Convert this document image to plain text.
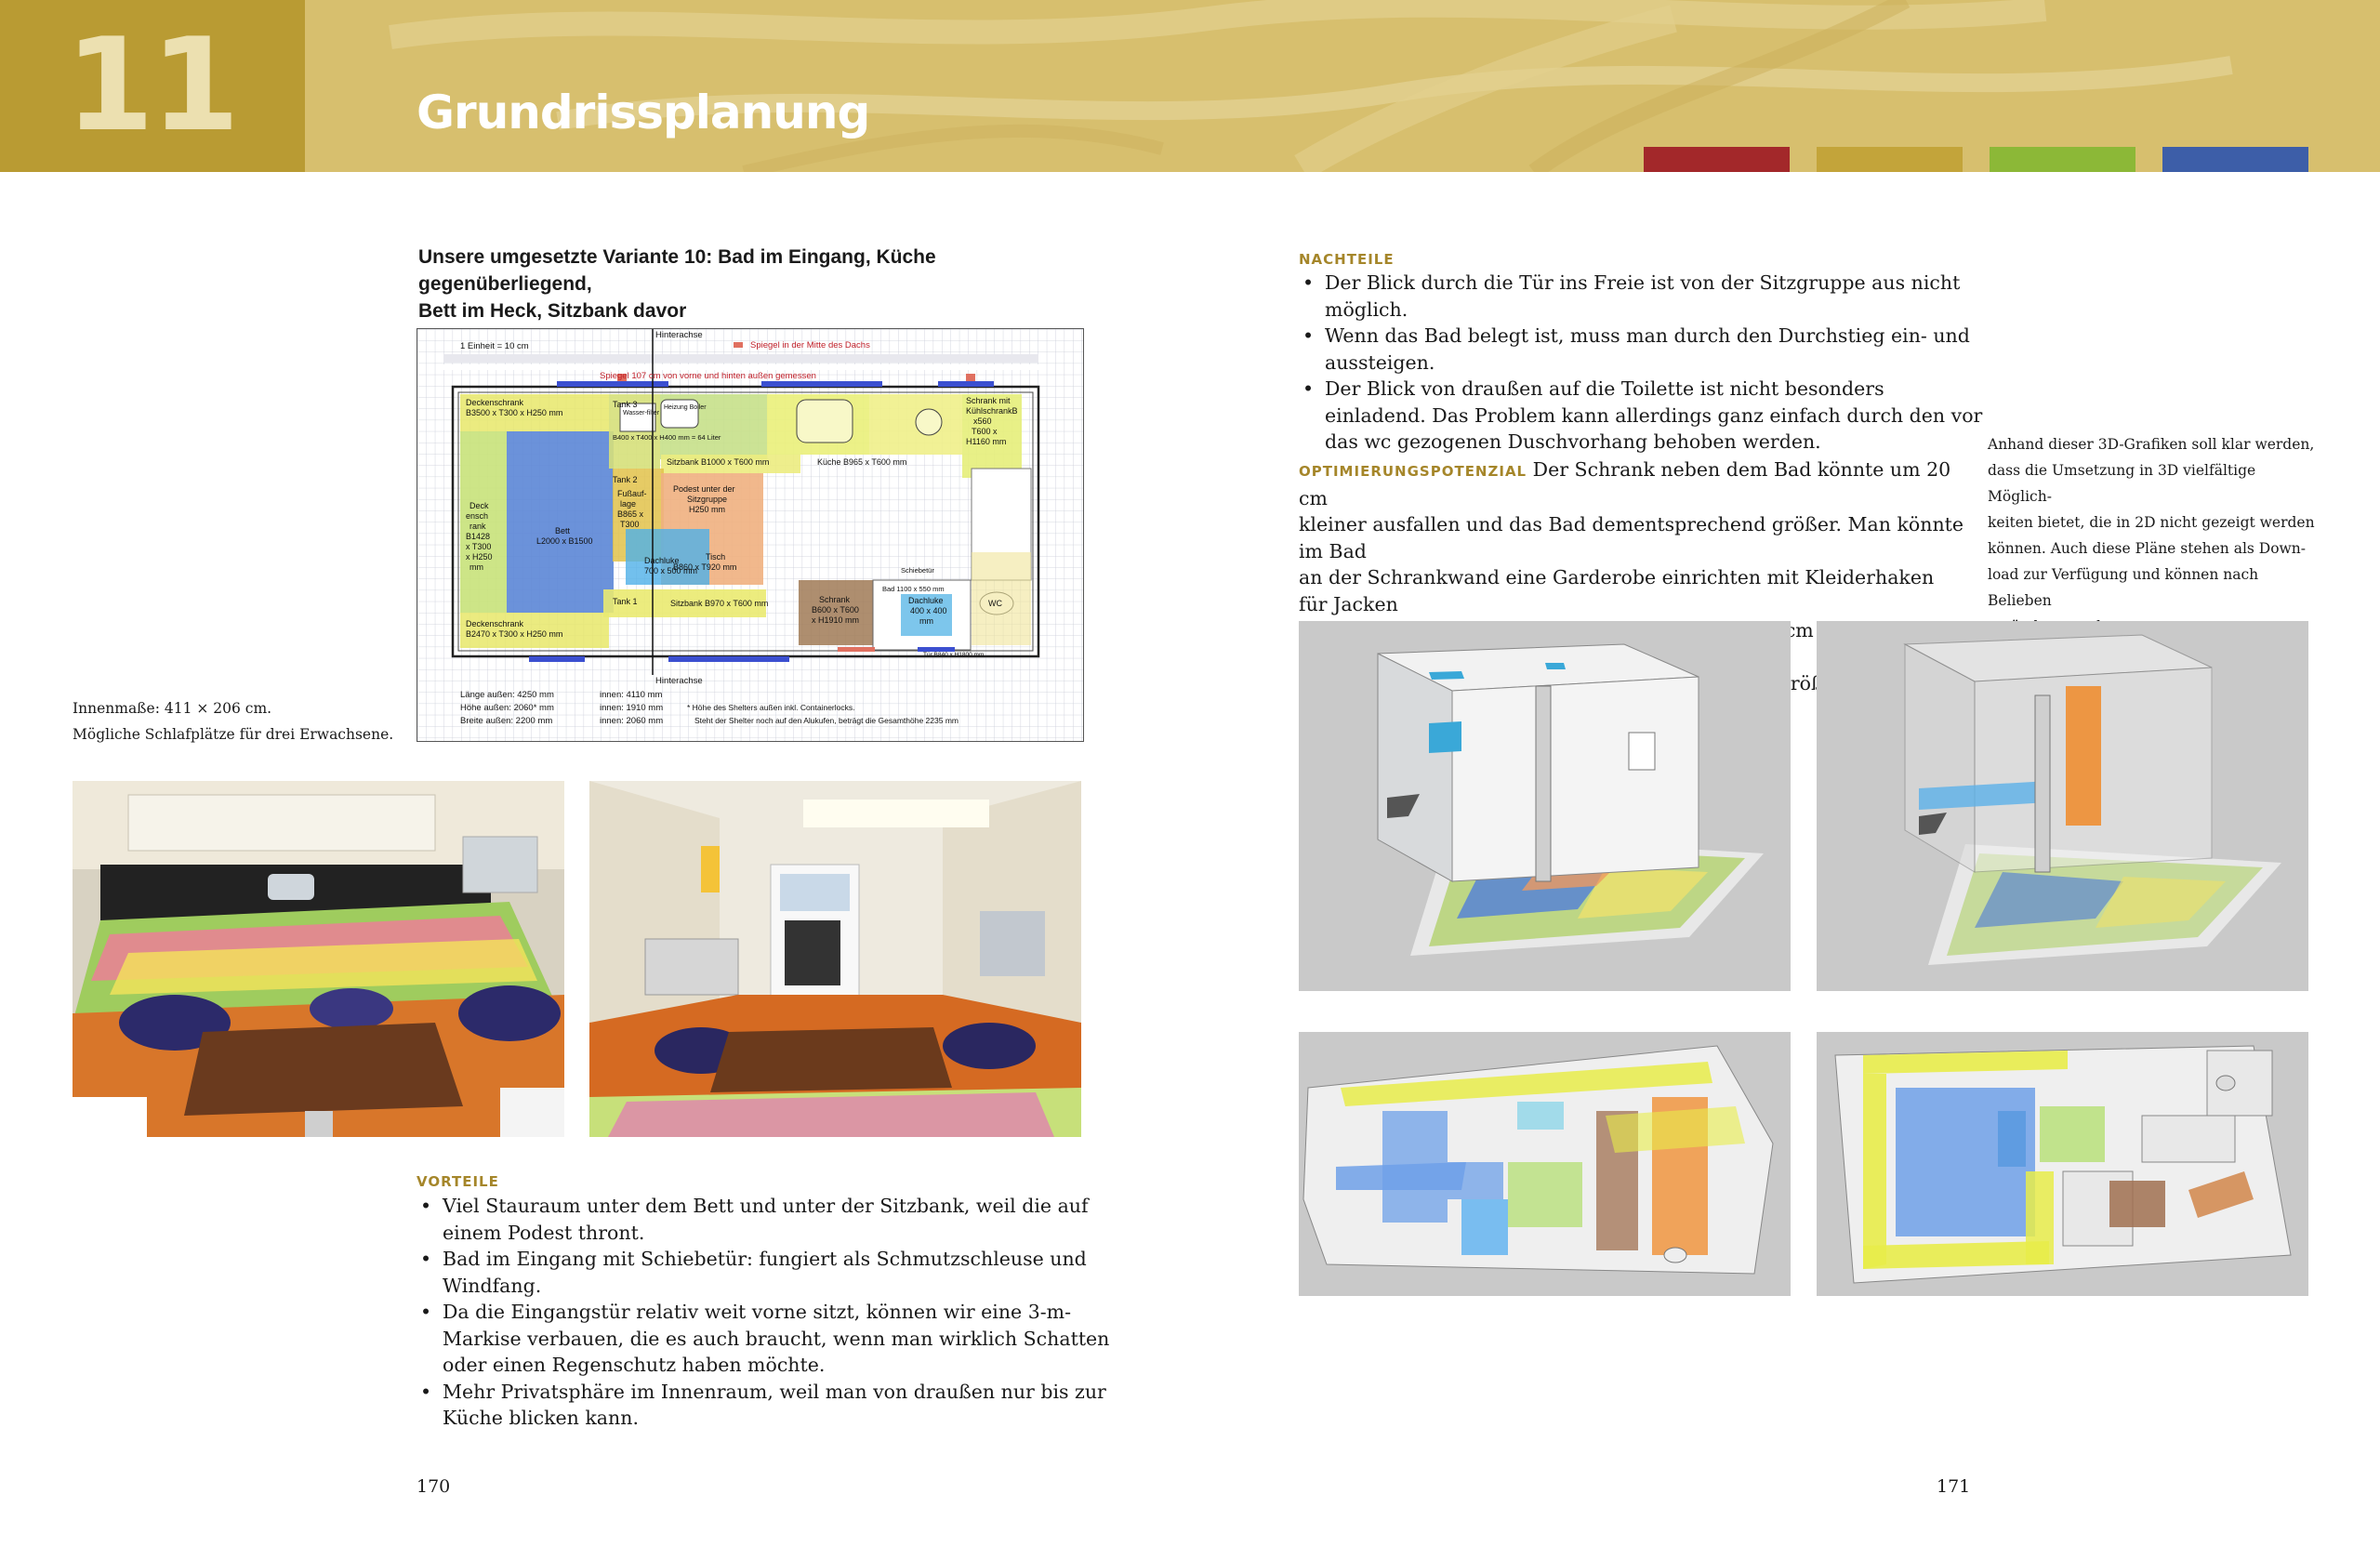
11	Grundrissplanung
Unsere umgesetzte Variante 10: Bad im Eingang, Küche gegenüberliegend,
Bett im Heck, Sitzbank davor
Hinterachse
Hinterachse
1 Einheit = 10 cm	Spiegel in der Mitte des Dachs
Spiegel 107 cm von vorne und hinten außen gemessen
Deckenschrank
B3500 x T300 x H250 mm
Tank 3
B400 x T400 x H400 mm = 64 Liter
Tank 2
Tank 1
Wasser-filter
Heizung Boiler
Schrank mit
KühlschrankB
x560
T600 x
H1160 mm
Sitzbank B1000 x T600 mm	Küche B965 x T600 mm
Deck
ensch
rank
B1428
x T300
x H250
mm
Bett
L2000 x B1500
Fußauf-
lage
B865 x
T300
Podest unter der
Sitzgruppe
H250 mm
Tisch
B860 x T920 mm
Dachluke
700 x 500 mm
Bad 1100 x 550 mm
Dachluke
400 x 400
mm
WC
Schiebetür
Schrank
B600 x T600
x H1910 mm
Sitzbank B970 x T600 mm
Deckenschrank
B2470 x T300 x H250 mm
Tür B840 x H1800 mm
Länge außen: 4250 mm	innen: 4110 mm
Höhe außen: 2060* mm	innen: 1910 mm
Breite außen: 2200 mm	innen: 2060 mm
* Höhe des Shelters außen inkl. Containerlocks.
Steht der Shelter noch auf den Alukufen, beträgt die Gesamthöhe 2235 mm
Innenmaße: 411 × 206 cm.
Mögliche Schlafplätze für drei Erwachsene.
VORTEILE
• Viel Stauraum unter dem Bett und unter der Sitzbank, weil die auf einem Podest thront.
• Bad im Eingang mit Schiebetür: fungiert als Schmutzschleuse und Windfang.
• Da die Eingangstür relativ weit vorne sitzt, können wir eine 3-m-Markise verbauen, die es auch braucht, wenn man wirklich Schatten oder einen Regenschutz haben möchte.
• Mehr Privatsphäre im Innenraum, weil man von draußen nur bis zur Küche blicken kann.
170
NACHTEILE
• Der Blick durch die Tür ins Freie ist von der Sitzgruppe aus nicht möglich.
• Wenn das Bad belegt ist, muss man durch den Durchstieg ein- und aussteigen.
• Der Blick von draußen auf die Toilette ist nicht besonders einladend. Das Problem kann allerdings ganz einfach durch den vor das wc gezogenen Duschvorhang behoben werden.
OPTIMIERUNGSPOTENZIAL Der Schrank neben dem Bad könnte um 20 cm
kleiner ausfallen und das Bad dementsprechend größer. Man könnte im Bad
an der Schrankwand eine Garderobe einrichten mit Kleiderhaken für Jacken
cm
vergrößern.
Anhand dieser 3D-Grafiken soll klar werden,
dass die Umsetzung in 3D vielfältige Möglich-
keiten bietet, die in 2D nicht gezeigt werden
können. Auch diese Pläne stehen als Down-
load zur Verfügung und können nach Belieben
171
